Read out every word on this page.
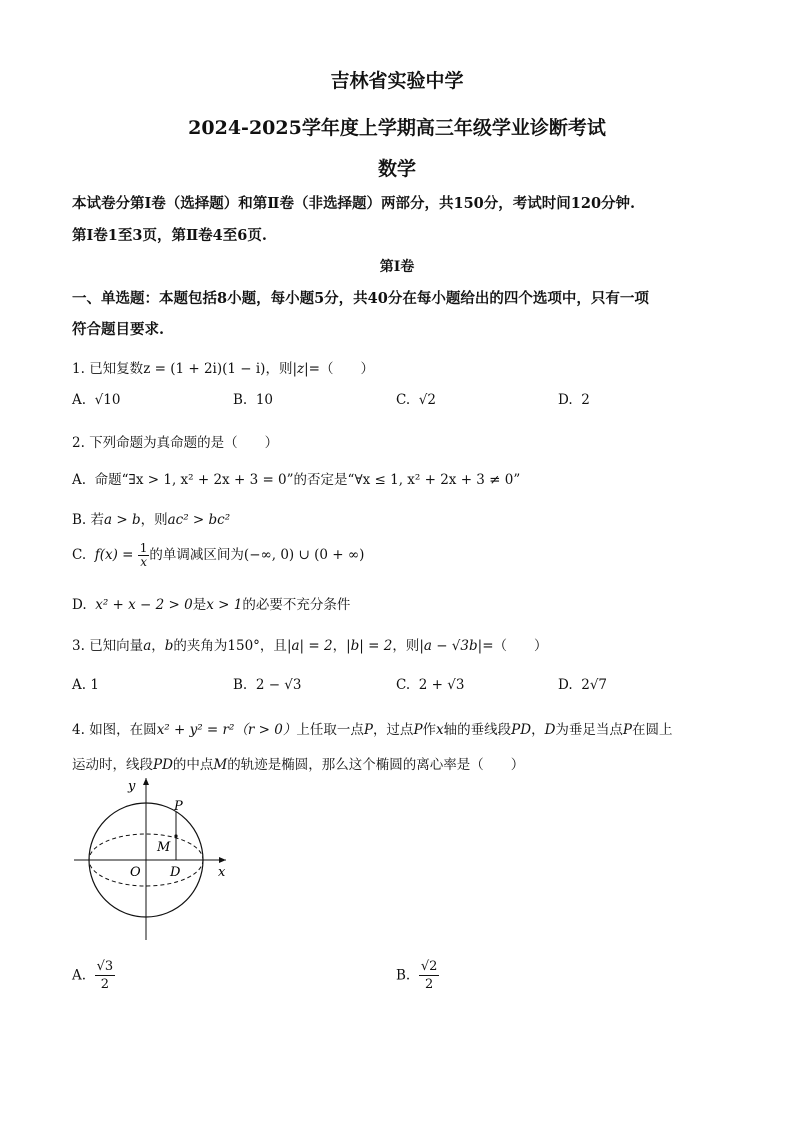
吉林省实验中学
2024-2025学年度上学期高三年级学业诊断考试
数学
本试卷分第Ⅰ卷（选择题）和第Ⅱ卷（非选择题）两部分，共150分，考试时间120分钟.
第Ⅰ卷1至3页，第Ⅱ卷4至6页.
第Ⅰ卷
一、单选题：本题包括8小题，每小题5分，共40分在每小题给出的四个选项中，只有一项
符合题目要求.
1. 已知复数z = (1 + 2i)(1 − i)，则|z|=（　　）
A. √10	B. 10	C. √2	D. 2
2. 下列命题为真命题的是（　　）
A. 命题“∃x > 1, x² + 2x + 3 = 0”的否定是“∀x ≤ 1, x² + 2x + 3 ≠ 0”
B. 若a > b，则ac² > bc²
C. $f(x) = \frac{1}{x}$ 的单调减区间为(−∞, 0) ∪ (0 + ∞)
D. x² + x − 2 > 0是x > 1的必要不充分条件
3. 已知向量a，b的夹角为150°，且|a| = 2，|b| = 2，则|a − √3b|=（　　）
A. 1	B. 2 − √3	C. 2 + √3	D. 2√7
4. 如图，在圆x² + y² = r²（r > 0）上任取一点P，过点P作x轴的垂线段PD，D为垂足当点P在圆上
运动时，线段PD的中点M的轨迹是椭圆，那么这个椭圆的离心率是（　　）
y
x
O D
P
M
A. $\frac{√3}{2}$	B. $\frac{√2}{2}$
